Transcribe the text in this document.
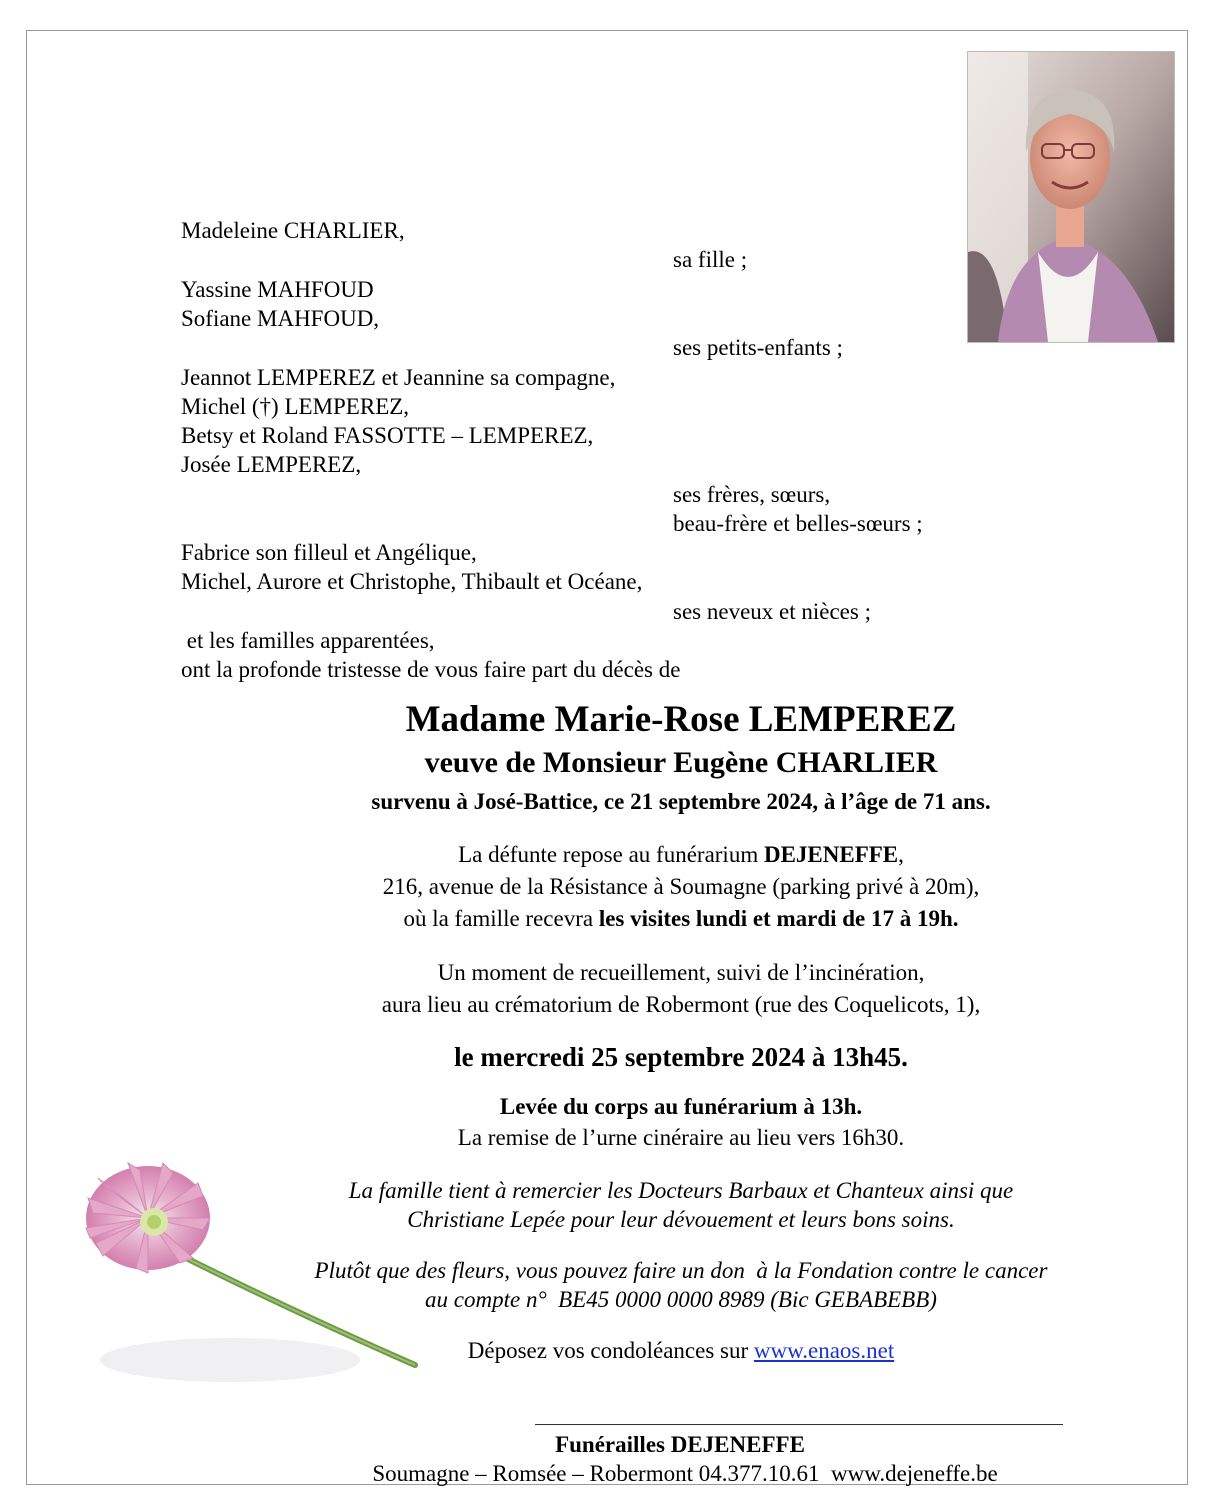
Madeleine CHARLIER,
sa fille ;
Yassine MAHFOUD
Sofiane MAHFOUD,
ses petits-enfants ;
Jeannot LEMPEREZ et Jeannine sa compagne,
Michel (†) LEMPEREZ,
Betsy et Roland FASSOTTE – LEMPEREZ,
Josée LEMPEREZ,
ses frères, sœurs,
beau-frère et belles-sœurs ;
Fabrice son filleul et Angélique,
Michel, Aurore et Christophe, Thibault et Océane,
ses neveux et nièces ;
et les familles apparentées,
ont la profonde tristesse de vous faire part du décès de
Madame Marie-Rose LEMPEREZ
veuve de Monsieur Eugène CHARLIER
survenu à José-Battice, ce 21 septembre 2024, à l’âge de 71 ans.
La défunte repose au funérarium DEJENEFFE,
216, avenue de la Résistance à Soumagne (parking privé à 20m),
où la famille recevra les visites lundi et mardi de 17 à 19h.
Un moment de recueillement, suivi de l’incinération,
aura lieu au crématorium de Robermont (rue des Coquelicots, 1),
le mercredi 25 septembre 2024 à 13h45.
Levée du corps au funérarium à 13h.
La remise de l’urne cinéraire au lieu vers 16h30.
La famille tient à remercier les Docteurs Barbaux et Chanteux ainsi que
Christiane Lepée pour leur dévouement et leurs bons soins.
Plutôt que des fleurs, vous pouvez faire un don  à la Fondation contre le cancer
au compte n°  BE45 0000 0000 8989 (Bic GEBABEBB)
Déposez vos condoléances sur www.enaos.net
Funérailles DEJENEFFE
Soumagne – Romsée – Robermont 04.377.10.61  www.dejeneffe.be
